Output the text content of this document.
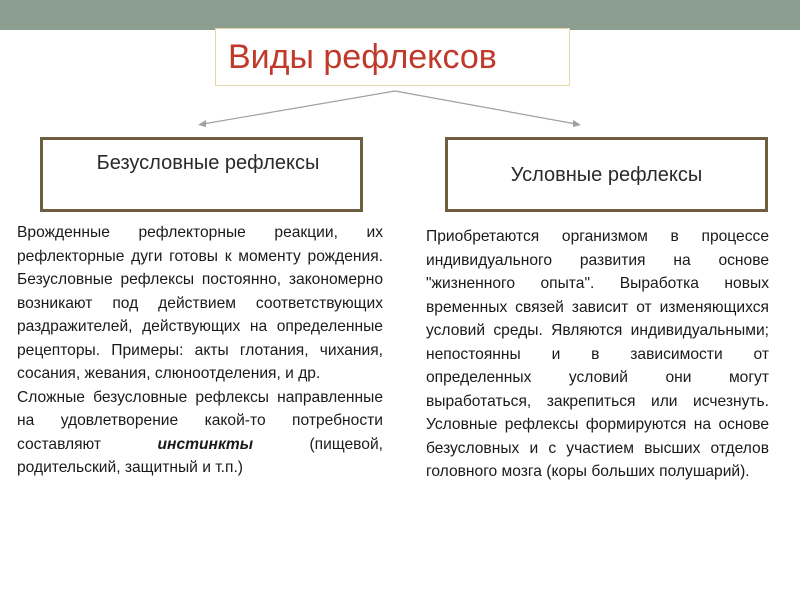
Виды рефлексов
Безусловные рефлексы
Условные рефлексы

Врожденные рефлекторные реакции, их рефлекторные дуги готовы к моменту рождения. Безусловные рефлексы постоянно, закономерно возникают под действием соответствующих раздражителей, действующих на определенные рецепторы. Примеры: акты глотания, чихания, сосания, жевания, слюноотделения, и др.

Сложные безусловные рефлексы направленные на удовлетворение какой-то потребности составляют инстинкты (пищевой, родительский, защитный и т.п.)

Приобретаются организмом в процессе индивидуального развития на основе "жизненного опыта". Выработка новых временных связей зависит от изменяющихся условий среды. Являются индивидуальными; непостоянны и в зависимости от определенных условий они могут выработаться, закрепиться или исчезнуть. Условные рефлексы формируются на основе безусловных и с участием высших отделов головного мозга (коры больших полушарий).
